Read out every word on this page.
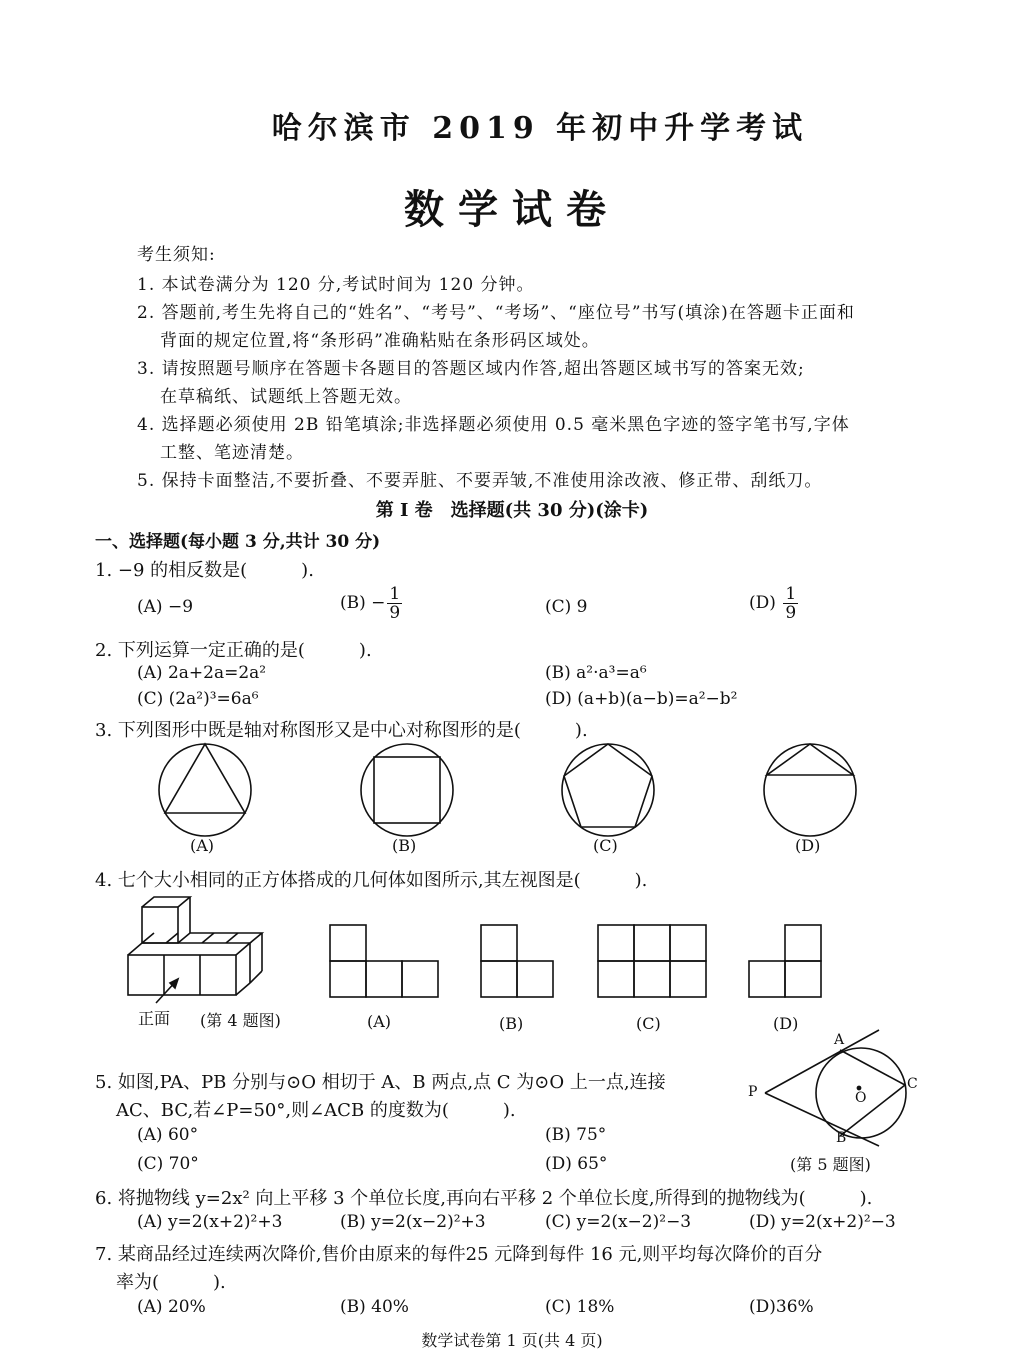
哈尔滨市 2019 年初中升学考试
数学试卷
考生须知:
1. 本试卷满分为 120 分,考试时间为 120 分钟。
2. 答题前,考生先将自己的“姓名”、“考号”、“考场”、“座位号”书写(填涂)在答题卡正面和
背面的规定位置,将“条形码”准确粘贴在条形码区域处。
3. 请按照题号顺序在答题卡各题目的答题区域内作答,超出答题区域书写的答案无效;
在草稿纸、试题纸上答题无效。
4. 选择题必须使用 2B 铅笔填涂;非选择题必须使用 0.5 毫米黑色字迹的签字笔书写,字体
工整、笔迹清楚。
5. 保持卡面整洁,不要折叠、不要弄脏、不要弄皱,不准使用涂改液、修正带、刮纸刀。
第 I 卷　选择题(共 30 分)(涂卡)
一、选择题(每小题 3 分,共计 30 分)
1. −9 的相反数是(　　　).
(A) −9	$(B) - \frac{1}{9}$	(C) 9	$(D) \frac{1}{9}$
2. 下列运算一定正确的是(　　　).
(A) 2a+2a=2a²	(B) a²·a³=a⁶
(C) (2a²)³=6a⁶	(D) (a+b)(a−b)=a²−b²
3. 下列图形中既是轴对称图形又是中心对称图形的是(　　　).
(A)	(B)	(C)	(D)
4. 七个大小相同的正方体搭成的几何体如图所示,其左视图是(　　　).
正面 (第 4 题图)	(A)	(B)	(C)	(D)
5. 如图,PA、PB 分别与⊙O 相切于 A、B 两点,点 C 为⊙O 上一点,连接
AC、BC,若∠P=50°,则∠ACB 的度数为(　　　).
(A) 60°	(B) 75°
(C) 70°	(D) 65°
A
B
C
P	O
(第 5 题图)
6. 将抛物线 y=2x² 向上平移 3 个单位长度,再向右平移 2 个单位长度,所得到的抛物线为(　　　).
(A) y=2(x+2)²+3	(B) y=2(x−2)²+3	(C) y=2(x−2)²−3	(D) y=2(x+2)²−3
7. 某商品经过连续两次降价,售价由原来的每件25 元降到每件 16 元,则平均每次降价的百分
率为(　　　).
(A) 20%	(B) 40%	(C) 18%	(D)36%
数学试卷第 1 页(共 4 页)
